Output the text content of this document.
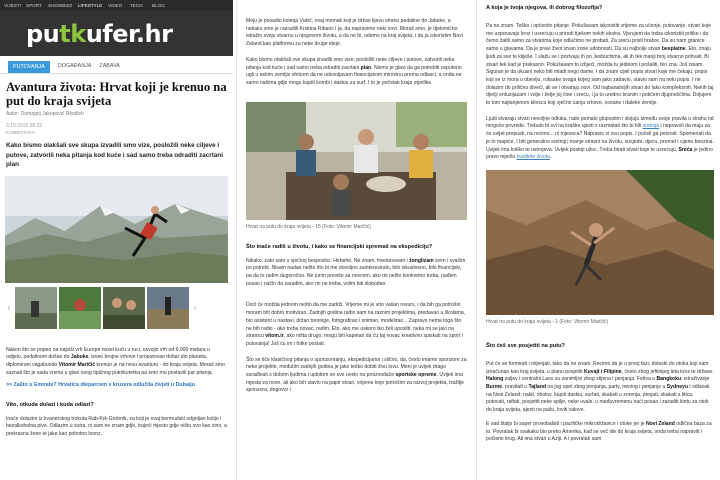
VIJESTI	SPORT	SHOWBIZZ	LIFESTYLE	VIDEO	TECH	BLOG
putkufer.hr
PUTOVANJA	DOGAĐANJA	ZABAVA
Avantura života: Hrvat koji je krenuo na put do kraja svijeta
Autor: Domagoj Jakopović Ribafish
9.10.2015 09:32
KOMENTARA

Kako bismo olakšali sve skupa izvadili smo vize, posložili neke ciljeve i putove, zatvorili neka pitanja kod kuće i sad samo treba odraditi zacrtani plan

‹	›

Nakon što se popeo na najviši vrh Europe nosei kuću u ruci, osvojio vrh od 6.000 metara u odijelu, pedalinom došao do Jabuke, izveo brojne vrhove i proputovao dobar dio planeta, diplomirani vagabundo Vitomir Maričić krenuo je na novu avanturu - do kraja svijeta. Moraš smo saznali što je sada vrsma u glavi ovog tipičnog putnikuretka pa smo mu postavili par pitanja.

>> Zašto u Emirate? Hrvatica dieparcem s kruzera odlučila živjeti u Dubaiju

Vito, otkuda dolazi i kuda odlazi?

Inače dolazim iz kvanerskog trokuta Rab-Krk-Grobnik, za koji je ovaj bermudski odgoljan kolijo i bezalkoholna pive. Odlazim u sutra, ni sam ne znam gdje, trajeći mjesto gdje ništo ovo kao vino, a prekrasna žene te jake kao pohotno loonz.

Meju je posadio koleqa Vukić, ovaj momak koji je držao lijevu stranu pedaline do Jabuke, a nekako smo je razradili Kristina Ribarić i ja, da napravimo neki novi. Moraš smo, je djelomično istražio svoju stvarnu u njegovom životu, a da ne bi, odemo na kraj svijeta, i da ja iskoristim Novi Zeland kao platformu za neke druge ideje.

Kako bismo olakšali sve skupa izvadili smo vize, posložili neke ciljeve i putove, zatvorili neka pitanja kod kuće i sad samo treba odraditi zacrtani plan. Nismo je glavi da ga potrebiti usputeno ugli u nekim zemljis ohtiorm da ne udovoljavam financijskom mirovinu prema odlasci, a onda ne samo našima gdje mogu kupiti kombi i daskiu za surf. I to je početak kraja otprilike.

Hrvat na putu do kraja svijeta - 15 (Foto: Vitomir Maričić)

Što inače radiš u životu, i kako se financijski spremaš na ekspediciju?

Nikako, zato sam u vječnoj besposlici. Hehehe. Ne znam, freelanceam i žonglizam svim i svačim po potrebi. Nisam nadao nešto što bi me dovoljno zainteresiralo, bilo iskustveno, bilo financijski, pa da to radim dugoročno. Ne jurim previše za novcem, ako mi nešto konkretno treba, nađem posao i načln da zaradim, ako mi ne treba, volim biti slobodan.

Doći će možda jednom nešto da me zadrži. Vrijeme mi je vrlo vašan resurs, i da bih ga potrošio moram biti dobro motiviran. Zadnjih godina radio sam na raznim projektima, predavao u školama, bio asistent u nastavi, držao treninge, fotografirao i snimao, modelirao... Zapravo nema toga što ne bih radio - ako treba novac, radim. Eto, ako me uskoro tko želi uposliti, neka mi se javi na stranicu vitom.ir, ako ništa drugo, mogu biti kapetan da ću taj novac kreativno spiskati na sport i putovanja! Još ću im i fotke poslati.

Što se tiče klasičnog pitanja o sponzoriranju, ekspedicijama i slično, da, često imamo sponzore za neke projekte, međutim zadnjih godina je jako teško dobiti živu lovu. Meni je uvijek drago surađivati s dobrim ljudima i uplotom se sve uvelo na proizvođače sportske opreme. Uvijek ima mjesta za nove, ali ako bih stavio na papir stvari, vrijeme koje potrošim za razvoj projekta, tražilje sponzora, dogovor i

A koja je tvoja njegova, ili dobrog filozofija?

Pa ne znam. Teško i općenito pitanje. Pokušavam iskoristiti vrijeme za učenje, putovanje, stvari koje me usporavaju kroz i usrećuju u prirodi tijekom nekih ekstra. Vjerujem da treba iskoristiti prilike i da čemo žaliti samo za stvarima koje odlučimo ne probati. Za sreću pristi hrabre. Da su nam granice samo u glavama. Da je pravi život izvan zone udobnosti. Da su najbolje stvari besplatne. Eto, znaju ljudi za sve te kliješe. I slažu se i pozivaju ih po Jesbuchima, ali ih tek manji broj stvarno prihvati. Bi stvari tek kad je prekasno. Pokušavam to izbjeći, možda tu jedinom i pošaliti, tko zna. Još nisam. Siguran je da ukusni neko biti mladi nego dame. I da znam cijeli popis stvari koje me čekaju, popis koji se iz mora u obeviju, ruksake ovaga kojeg sam jako zabavio, stavio sam na neki popis. I ne dolazim do prilično diveći, ali se i otvaraju novi. Od najbanalnijih stvari do lako kompleksnih. Nekih taj dječji entuzijazam i volje i želje joj čine i sreću, i ja to uredno branim i potičem djupnošćima. Dojujem to tom najtanjenom klinscu koji vječno sanja vrhove, oceane i daleke zemlje.

Ljudi stvaraju stvari nevoljne odluka, rade pomalo glupostim i slojujú između svoje pravila u strahu od moguće povrede. Trebalo bi svi na kraške ujesti s razmatati što bi bili sretnijá i napravoli da maju za će uvijet prepusti, na recimo... ni mjeseca? Napravio si ovu popis. I počeli ga potvrati. Spomenati da je to mapiće. I biti generalno sretniji i manje stravni na životu, susjede, djecu, premet i cijenu benzina. Uvijek ima koliko te ustrojeva. Uvijek postoji užoc. Treba birati stvari koje te usrećuju. Sreća je jedino pravo mjerilo kvalitete života.

Hrvat na putu do kraja svijeta - 1 (Foto: Vitomir Maričić)

Što ćeš sve posjetiti na putu?

Put će se formirati i mijenjati, tako da ne znam. Recimo da je u prvoj fazi, dolaski do otoka koji sam iznačunao kao kraj svijeta, u planu posjetiti Kuvajt i Filipine, često zbog jeftinijeg leta kroz te države. Halong zaljev i centralni Laos su zanimljivi zbog stijena i penjanja. Fetiva u Bangkoku, istraživanje Burme, pravitatl u Tajland na jog opet zbog penjanja, party, trening i penjanje u Sydneyu i odlazak na Novi Zeland; nakit, ribolov, kupiti daskiu, surfati, skakati u zrnenja, penjati, skakati s litica, putovati, raftati, posjetiti neke spilje, neke uvale, u međuvremenu naći posao i zaraditi kintu za otok do kraja svijeta, ajesti na pašu, loviti valove.

E sad štaljo bi super provobalisti i pacifičke mikrodržavice i otoke jer je Novi Zeland odlična baza za to. Povratak bi svakako bio preko Amerika, kad se več ide do kraja svijeta, onda treba napraviti i počiemi krug. Ali ima stvari u Aziji. A i povratak sam
